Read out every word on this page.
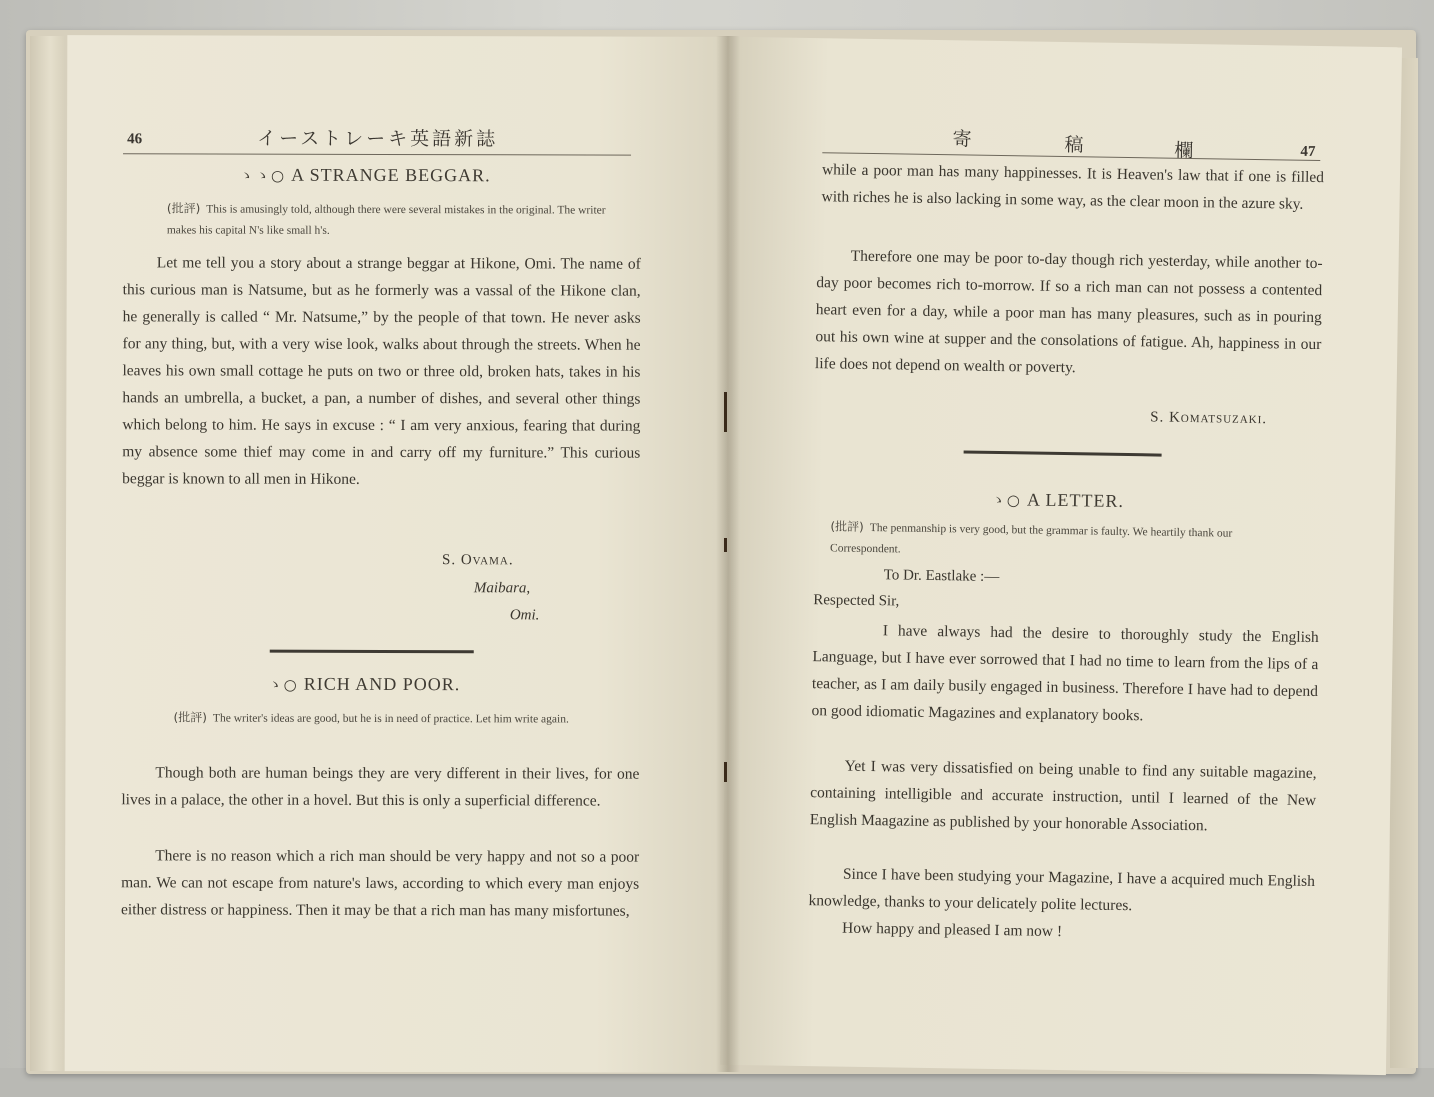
46	イーストレーキ英語新誌
ゝゝ○ A STRANGE BEGGAR.
(批評) This is amusingly told, although there were several mistakes in the original. The writer makes his capital N's like small h's.
Let me tell you a story about a strange beggar at Hikone, Omi. The name of this curious man is Natsume, but as he formerly was a vassal of the Hikone clan, he generally is called “ Mr. Natsume,” by the people of that town. He never asks for any thing, but, with a very wise look, walks about through the streets. When he leaves his own small cottage he puts on two or three old, broken hats, takes in his hands an umbrella, a bucket, a pan, a number of dishes, and several other things which belong to him. He says in excuse : “ I am very anxious, fearing that during my absence some thief may come in and carry off my furniture.” This curious beggar is known to all men in Hikone.
S. Ovama.
Maibara,
Omi.
ゝ○ RICH AND POOR.
(批評) The writer's ideas are good, but he is in need of practice. Let him write again.
Though both are human beings they are very different in their lives, for one lives in a palace, the other in a hovel. But this is only a superficial difference.
There is no reason which a rich man should be very happy and not so a poor man. We can not escape from nature's laws, according to which every man enjoys either distress or happiness. Then it may be that a rich man has many misfortunes,
寄	稿	欄	47
while a poor man has many happinesses. It is Heaven's law that if one is filled with riches he is also lacking in some way, as the clear moon in the azure sky.
Therefore one may be poor to-day though rich yesterday, while another to-day poor becomes rich to-morrow. If so a rich man can not possess a contented heart even for a day, while a poor man has many pleasures, such as in pouring out his own wine at supper and the consolations of fatigue. Ah, happiness in our life does not depend on wealth or poverty.
S. Komatsuzaki.
ゝ○ A LETTER.
(批評) The penmanship is very good, but the grammar is faulty. We heartily thank our Correspondent.
To Dr. Eastlake :—
Respected Sir,
I have always had the desire to thoroughly study the English Language, but I have ever sorrowed that I had no time to learn from the lips of a teacher, as I am daily busily engaged in business. Therefore I have had to depend on good idiomatic Magazines and explanatory books.
Yet I was very dissatisfied on being unable to find any suitable magazine, containing intelligible and accurate instruction, until I learned of the New English Maagazine as published by your honorable Association.
Since I have been studying your Magazine, I have a acquired much English knowledge, thanks to your delicately polite lectures.
How happy and pleased I am now !
